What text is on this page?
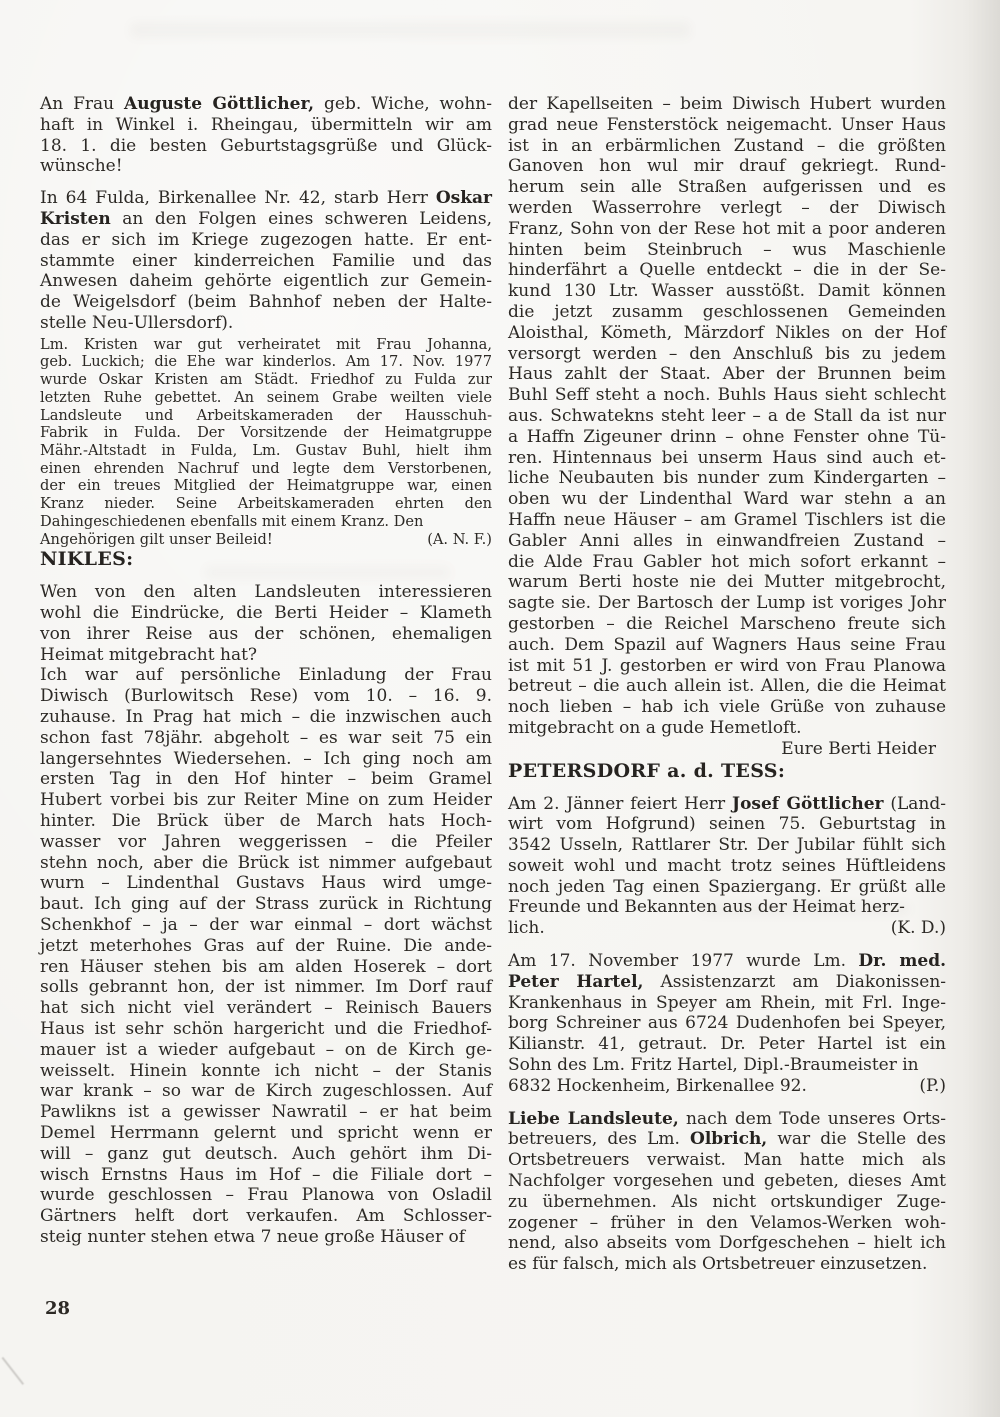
An Frau Auguste Göttlicher, geb. Wiche, wohn-
haft in Winkel i. Rheingau, übermitteln wir am
18. 1. die besten Geburtstagsgrüße und Glück-
wünsche!
In 64 Fulda, Birkenallee Nr. 42, starb Herr Oskar
Kristen an den Folgen eines schweren Leidens,
das er sich im Kriege zugezogen hatte. Er ent-
stammte einer kinderreichen Familie und das
Anwesen daheim gehörte eigentlich zur Gemein-
de Weigelsdorf (beim Bahnhof neben der Halte-
stelle Neu-Ullersdorf).
Lm. Kristen war gut verheiratet mit Frau Johanna,
geb. Luckich; die Ehe war kinderlos. Am 17. Nov. 1977
wurde Oskar Kristen am Städt. Friedhof zu Fulda zur
letzten Ruhe gebettet. An seinem Grabe weilten viele
Landsleute und Arbeitskameraden der Hausschuh-
Fabrik in Fulda. Der Vorsitzende der Heimatgruppe
Mähr.-Altstadt in Fulda, Lm. Gustav Buhl, hielt ihm
einen ehrenden Nachruf und legte dem Verstorbenen,
der ein treues Mitglied der Heimatgruppe war, einen
Kranz nieder. Seine Arbeitskameraden ehrten den
Dahingeschiedenen ebenfalls mit einem Kranz. Den
Angehörigen gilt unser Beileid!	(A. N. F.)
NIKLES:
Wen von den alten Landsleuten interessieren
wohl die Eindrücke, die Berti Heider – Klameth
von ihrer Reise aus der schönen, ehemaligen
Heimat mitgebracht hat?
Ich war auf persönliche Einladung der Frau
Diwisch (Burlowitsch Rese) vom 10. – 16. 9.
zuhause. In Prag hat mich – die inzwischen auch
schon fast 78jähr. abgeholt – es war seit 75 ein
langersehntes Wiedersehen. – Ich ging noch am
ersten Tag in den Hof hinter – beim Gramel
Hubert vorbei bis zur Reiter Mine on zum Heider
hinter. Die Brück über de March hats Hoch-
wasser vor Jahren weggerissen – die Pfeiler
stehn noch, aber die Brück ist nimmer aufgebaut
wurn – Lindenthal Gustavs Haus wird umge-
baut. Ich ging auf der Strass zurück in Richtung
Schenkhof – ja – der war einmal – dort wächst
jetzt meterhohes Gras auf der Ruine. Die ande-
ren Häuser stehen bis am alden Hoserek – dort
solls gebrannt hon, der ist nimmer. Im Dorf rauf
hat sich nicht viel verändert – Reinisch Bauers
Haus ist sehr schön hargericht und die Friedhof-
mauer ist a wieder aufgebaut – on de Kirch ge-
weisselt. Hinein konnte ich nicht – der Stanis
war krank – so war de Kirch zugeschlossen. Auf
Pawlikns ist a gewisser Nawratil – er hat beim
Demel Herrmann gelernt und spricht wenn er
will – ganz gut deutsch. Auch gehört ihm Di-
wisch Ernstns Haus im Hof – die Filiale dort –
wurde geschlossen – Frau Planowa von Osladil
Gärtners helft dort verkaufen. Am Schlosser-
steig nunter stehen etwa 7 neue große Häuser of
der Kapellseiten – beim Diwisch Hubert wurden
grad neue Fensterstöck neigemacht. Unser Haus
ist in an erbärmlichen Zustand – die größten
Ganoven hon wul mir drauf gekriegt. Rund-
herum sein alle Straßen aufgerissen und es
werden Wasserrohre verlegt – der Diwisch
Franz, Sohn von der Rese hot mit a poor anderen
hinten beim Steinbruch – wus Maschienle
hinderfährt a Quelle entdeckt – die in der Se-
kund 130 Ltr. Wasser ausstößt. Damit können
die jetzt zusamm geschlossenen Gemeinden
Aloisthal, Kömeth, Märzdorf Nikles on der Hof
versorgt werden – den Anschluß bis zu jedem
Haus zahlt der Staat. Aber der Brunnen beim
Buhl Seff steht a noch. Buhls Haus sieht schlecht
aus. Schwatekns steht leer – a de Stall da ist nur
a Haffn Zigeuner drinn – ohne Fenster ohne Tü-
ren. Hintennaus bei unserm Haus sind auch et-
liche Neubauten bis nunder zum Kindergarten –
oben wu der Lindenthal Ward war stehn a an
Haffn neue Häuser – am Gramel Tischlers ist die
Gabler Anni alles in einwandfreien Zustand –
die Alde Frau Gabler hot mich sofort erkannt –
warum Berti hoste nie dei Mutter mitgebrocht,
sagte sie. Der Bartosch der Lump ist voriges Johr
gestorben – die Reichel Marscheno freute sich
auch. Dem Spazil auf Wagners Haus seine Frau
ist mit 51 J. gestorben er wird von Frau Planowa
betreut – die auch allein ist. Allen, die die Heimat
noch lieben – hab ich viele Grüße von zuhause
mitgebracht on a gude Hemetloft.
Eure Berti Heider
PETERSDORF a. d. TESS:
Am 2. Jänner feiert Herr Josef Göttlicher (Land-
wirt vom Hofgrund) seinen 75. Geburtstag in
3542 Usseln, Rattlarer Str. Der Jubilar fühlt sich
soweit wohl und macht trotz seines Hüftleidens
noch jeden Tag einen Spaziergang. Er grüßt alle
Freunde und Bekannten aus der Heimat herz-
lich.	(K. D.)
Am 17. November 1977 wurde Lm. Dr. med.
Peter Hartel, Assistenzarzt am Diakonissen-
Krankenhaus in Speyer am Rhein, mit Frl. Inge-
borg Schreiner aus 6724 Dudenhofen bei Speyer,
Kilianstr. 41, getraut. Dr. Peter Hartel ist ein
Sohn des Lm. Fritz Hartel, Dipl.-Braumeister in
6832 Hockenheim, Birkenallee 92.	(P.)
Liebe Landsleute, nach dem Tode unseres Orts-
betreuers, des Lm. Olbrich, war die Stelle des
Ortsbetreuers verwaist. Man hatte mich als
Nachfolger vorgesehen und gebeten, dieses Amt
zu übernehmen. Als nicht ortskundiger Zuge-
zogener – früher in den Velamos-Werken woh-
nend, also abseits vom Dorfgeschehen – hielt ich
es für falsch, mich als Ortsbetreuer einzusetzen.
28
